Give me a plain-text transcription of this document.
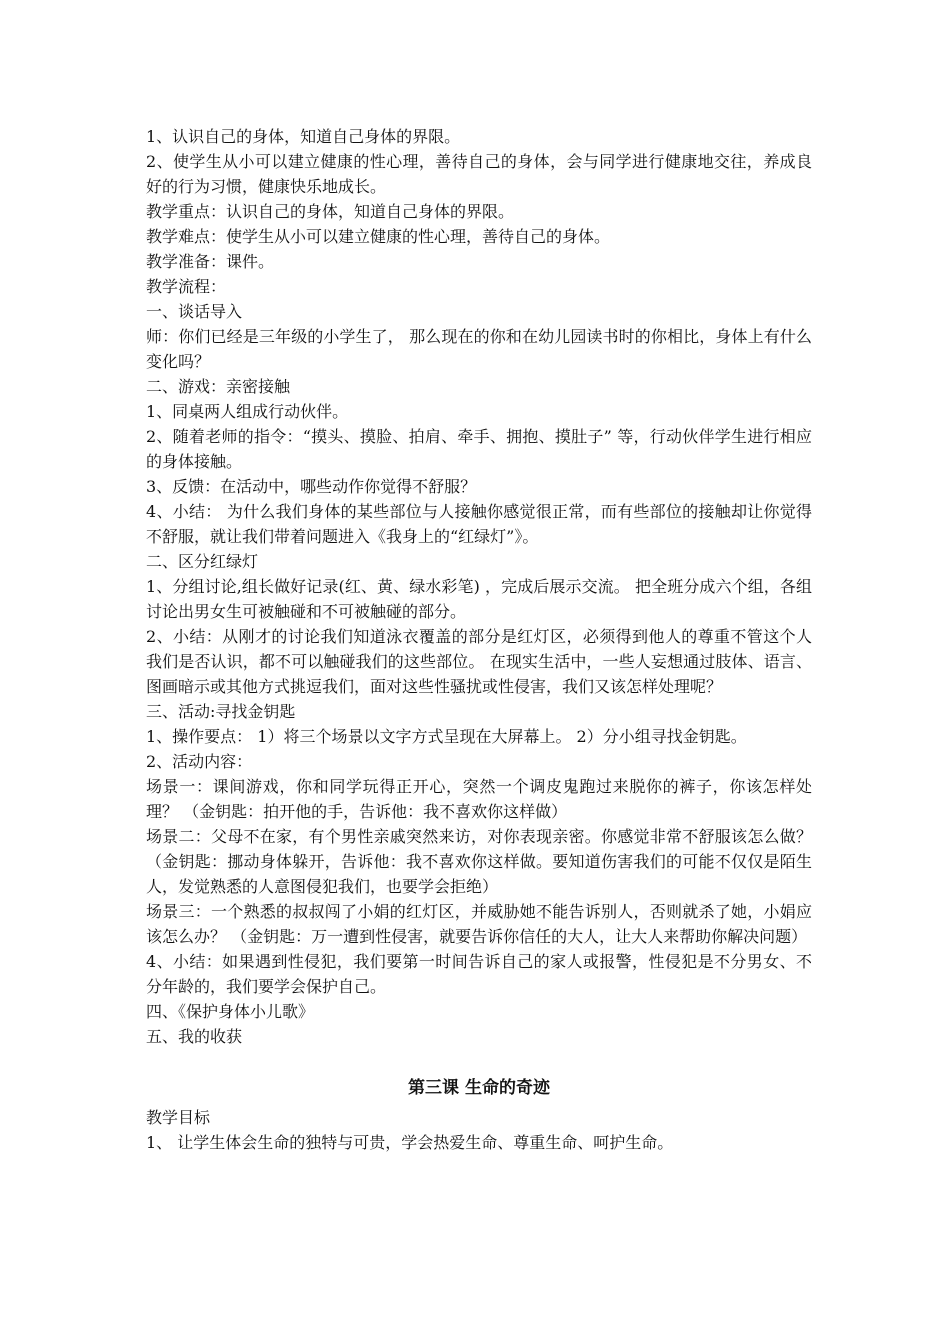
1、认识自己的身体，知道自己身体的界限。

2、使学生从小可以建立健康的性心理，善待自己的身体，会与同学进行健康地交往，养成良好的行为习惯，健康快乐地成长。

教学重点：认识自己的身体，知道自己身体的界限。

教学难点：使学生从小可以建立健康的性心理，善待自己的身体。

教学准备：课件。

教学流程：

一、谈话导入

师：你们已经是三年级的小学生了， 那么现在的你和在幼儿园读书时的你相比，身体上有什么变化吗？

二、游戏：亲密接触

1、同桌两人组成行动伙伴。

2、随着老师的指令：“摸头、摸脸、拍肩、牵手、拥抱、摸肚子” 等，行动伙伴学生进行相应的身体接触。

3、反馈：在活动中，哪些动作你觉得不舒服？

4、小结： 为什么我们身体的某些部位与人接触你感觉很正常，而有些部位的接触却让你觉得不舒服，就让我们带着问题进入《我身上的“红绿灯”》。

二、区分红绿灯

1、分组讨论,组长做好记录(红、黄、绿水彩笔) ，完成后展示交流。 把全班分成六个组，各组讨论出男女生可被触碰和不可被触碰的部分。

2、小结：从刚才的讨论我们知道泳衣覆盖的部分是红灯区，必须得到他人的尊重不管这个人我们是否认识，都不可以触碰我们的这些部位。 在现实生活中，一些人妄想通过肢体、语言、图画暗示或其他方式挑逗我们，面对这些性骚扰或性侵害，我们又该怎样处理呢？

三、活动:寻找金钥匙

1、操作要点： 1）将三个场景以文字方式呈现在大屏幕上。 2）分小组寻找金钥匙。

2、活动内容：

场景一：课间游戏，你和同学玩得正开心，突然一个调皮鬼跑过来脱你的裤子，你该怎样处理？ （金钥匙：拍开他的手，告诉他：我不喜欢你这样做）

场景二：父母不在家，有个男性亲戚突然来访，对你表现亲密。你感觉非常不舒服该怎么做？（金钥匙：挪动身体躲开，告诉他：我不喜欢你这样做。要知道伤害我们的可能不仅仅是陌生人，发觉熟悉的人意图侵犯我们，也要学会拒绝）

场景三：一个熟悉的叔叔闯了小娟的红灯区，并威胁她不能告诉别人，否则就杀了她，小娟应该怎么办？ （金钥匙：万一遭到性侵害，就要告诉你信任的大人，让大人来帮助你解决问题）

4、小结：如果遇到性侵犯，我们要第一时间告诉自己的家人或报警，性侵犯是不分男女、不分年龄的，我们要学会保护自己。

四、《保护身体小儿歌》

五、我的收获

第三课 生命的奇迹

教学目标

1、 让学生体会生命的独特与可贵，学会热爱生命、尊重生命、呵护生命。
